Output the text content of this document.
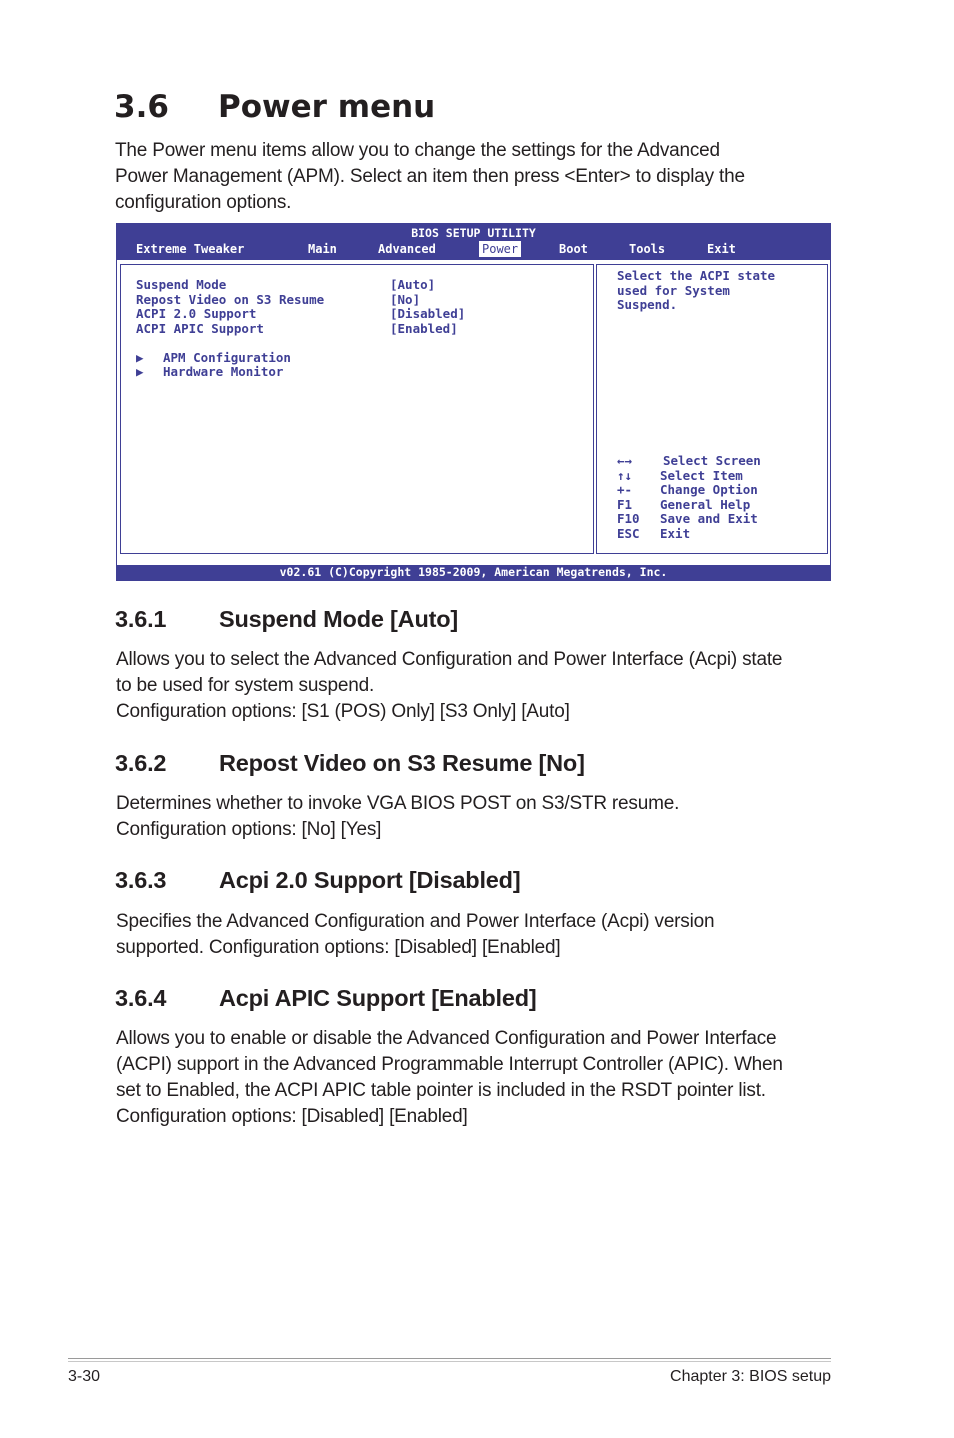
3.6 Power menu
The Power menu items allow you to change the settings for the Advanced
Power Management (APM). Select an item then press <Enter> to display the
configuration options.
BIOS SETUP UTILITY
Extreme Tweaker	Main	Advanced	Power	Boot	Tools	Exit
Suspend Mode	[Auto]
Repost Video on S3 Resume	[No]
ACPI 2.0 Support	[Disabled]
ACPI APIC Support	[Enabled]
▶ APM Configuration
▶ Hardware Monitor
Select the ACPI state
used for System
Suspend.
←→ Select Screen
↑↓ Select Item
+- Change Option
F1 General Help
F10 Save and Exit
ESC Exit
v02.61 (C)Copyright 1985-2009, American Megatrends, Inc.
3.6.1 Suspend Mode [Auto]
Allows you to select the Advanced Configuration and Power Interface (Acpi) state
to be used for system suspend.
Configuration options: [S1 (POS) Only] [S3 Only] [Auto]
3.6.2 Repost Video on S3 Resume [No]
Determines whether to invoke VGA BIOS POST on S3/STR resume.
Configuration options: [No] [Yes]
3.6.3 Acpi 2.0 Support [Disabled]
Specifies the Advanced Configuration and Power Interface (Acpi) version
supported. Configuration options: [Disabled] [Enabled]
3.6.4 Acpi APIC Support [Enabled]
Allows you to enable or disable the Advanced Configuration and Power Interface
(ACPI) support in the Advanced Programmable Interrupt Controller (APIC). When
set to Enabled, the ACPI APIC table pointer is included in the RSDT pointer list.
Configuration options: [Disabled] [Enabled]
3-30	Chapter 3: BIOS setup
